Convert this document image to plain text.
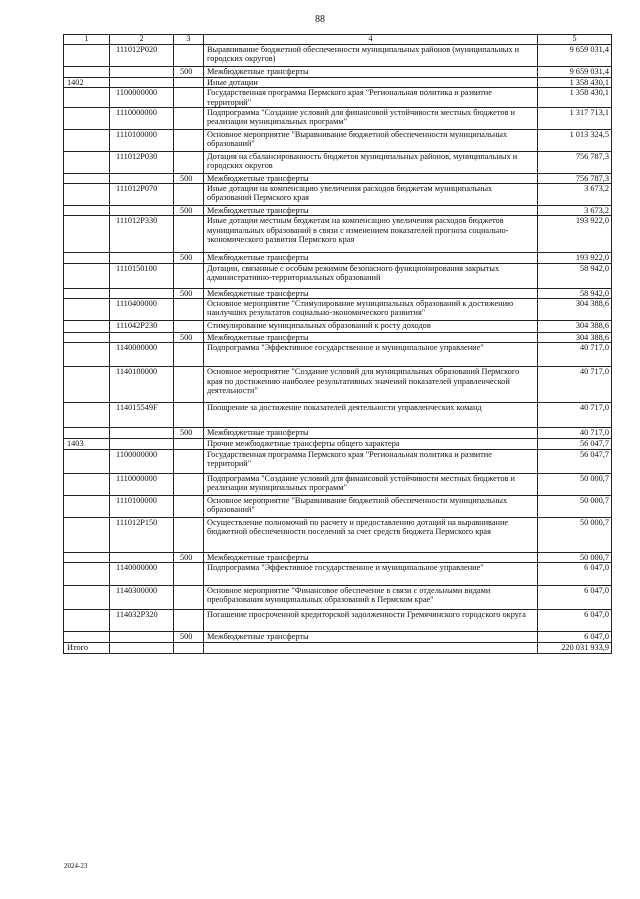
88
1	2	3	4	5
	111012Р020		Выравнивание бюджетной обеспеченности муниципальных районов (муниципальных и городских округов)	9 659 031,4
		500	Межбюджетные трансферты	9 659 031,4
1402			Иные дотации	1 358 430,1
	1100000000		Государственная программа Пермского края "Региональная политика и развитие территорий"	1 358 430,1
	1110000000		Подпрограмма "Создание условий для финансовой устойчивости местных бюджетов и реализации муниципальных программ"	1 317 713,1
	1110100000		Основное мероприятие "Выравнивание бюджетной обеспеченности муниципальных образований"	1 013 324,5
	111012Р030		Дотация на сбалансированность бюджетов муниципальных районов, муниципальных и городских округов	756 787,3
		500	Межбюджетные трансферты	756 787,3
	111012Р070		Иные дотации на компенсацию увеличения расходов бюджетам муниципальных образований Пермского края	3 673,2
		500	Межбюджетные трансферты	3 673,2
	111012Р330		Иные дотации местным бюджетам на компенсацию увеличения расходов бюджетов муниципальных образований в связи с изменением показателей прогноза социально-экономического развития Пермского края	193 922,0
		500	Межбюджетные трансферты	193 922,0
	1110150100		Дотации, связанные с особым режимом безопасного функционирования закрытых административно-территориальных образований	58 942,0
		500	Межбюджетные трансферты	58 942,0
	1110400000		Основное мероприятие "Стимулирование муниципальных образований к достижению наилучших результатов социально-экономического развития"	304 388,6
	111042Р230		Стимулирование муниципальных образований к росту доходов	304 388,6
		500	Межбюджетные трансферты	304 388,6
	1140000000		Подпрограмма "Эффективное государственное и муниципальное управление"	40 717,0
	1140100000		Основное мероприятие "Создание условий для муниципальных образований Пермского края по достижению наиболее результативных значений показателей управленческой деятельности"	40 717,0
	114015549F		Поощрение за достижение показателей деятельности управленческих команд	40 717,0
		500	Межбюджетные трансферты	40 717,0
1403			Прочие межбюджетные трансферты общего характера	56 047,7
	1100000000		Государственная программа Пермского края "Региональная политика и развитие территорий"	56 047,7
	1110000000		Подпрограмма "Создание условий для финансовой устойчивости местных бюджетов и реализации муниципальных программ"	50 000,7
	1110100000		Основное мероприятие "Выравнивание бюджетной обеспеченности муниципальных образований"	50 000,7
	111012Р150		Осуществление полномочий по расчету и предоставлению дотаций на выравнивание бюджетной обеспеченности поселений за счет средств бюджета Пермского края	50 000,7
		500	Межбюджетные трансферты	50 000,7
	1140000000		Подпрограмма "Эффективное государственное и муниципальное управление"	6 047,0
	1140300000		Основное мероприятие "Финансовое обеспечение в связи с отдельными видами преобразования муниципальных образований в Пермском крае"	6 047,0
	114032Р320		Погашение просроченной кредиторской задолженности Гремячинского городского округа	6 047,0
		500	Межбюджетные трансферты	6 047,0
Итого				220 031 933,9
2024-23
